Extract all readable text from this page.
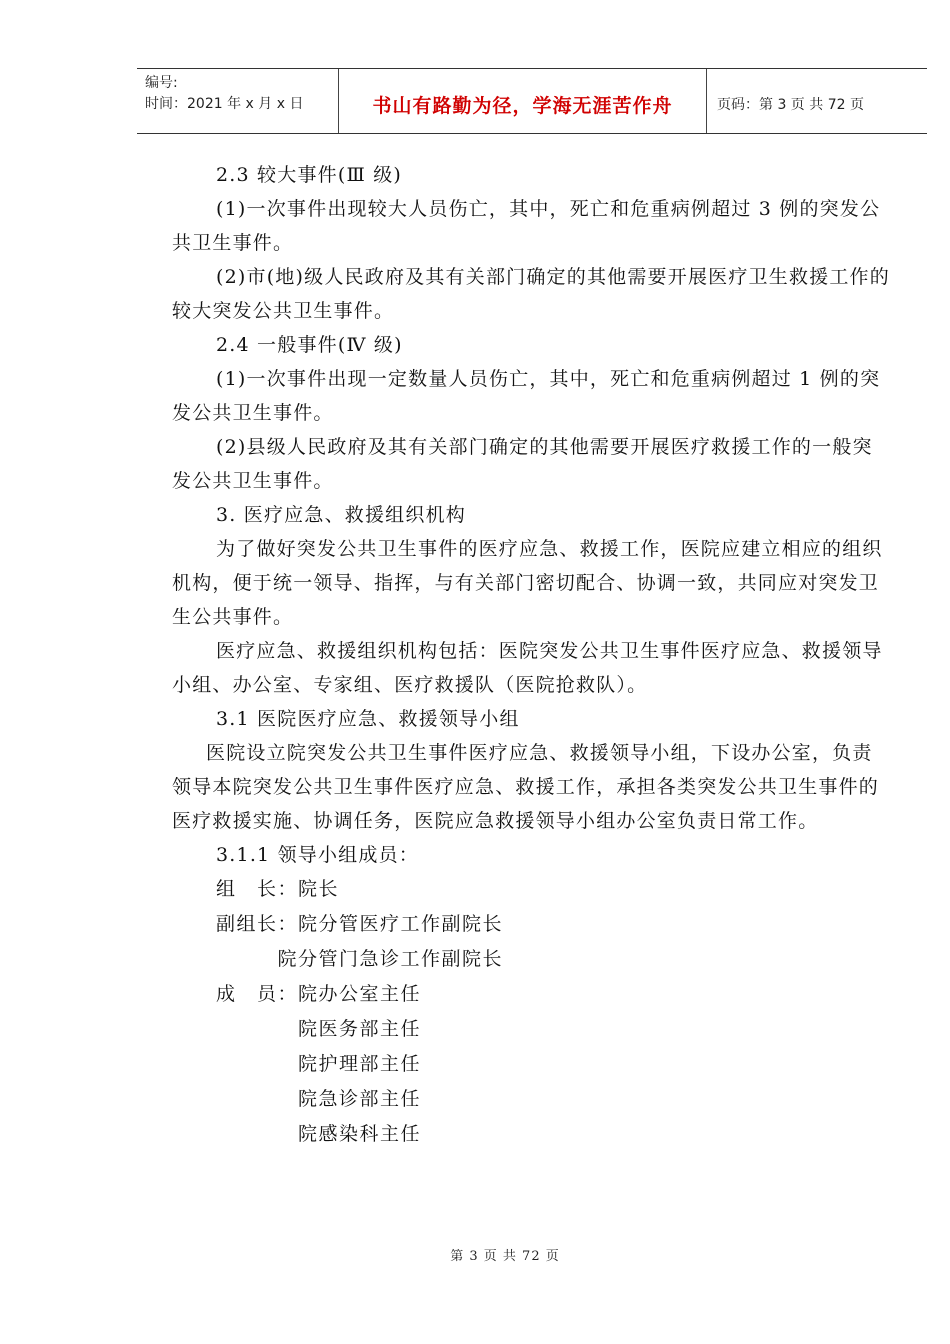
编号:
时间：2021 年 x 月 x 日	书山有路勤为径，学海无涯苦作舟	页码：第 3 页 共 72 页

2.3 较大事件(Ⅲ 级)

(1)一次事件出现较大人员伤亡，其中，死亡和危重病例超过 3 例的突发公共卫生事件。

(2)市(地)级人民政府及其有关部门确定的其他需要开展医疗卫生救援工作的较大突发公共卫生事件。

2.4 一般事件(Ⅳ 级)

(1)一次事件出现一定数量人员伤亡，其中，死亡和危重病例超过 1 例的突发公共卫生事件。

(2)县级人民政府及其有关部门确定的其他需要开展医疗救援工作的一般突发公共卫生事件。

3. 医疗应急、救援组织机构

为了做好突发公共卫生事件的医疗应急、救援工作，医院应建立相应的组织机构，便于统一领导、指挥，与有关部门密切配合、协调一致，共同应对突发卫生公共事件。

医疗应急、救援组织机构包括：医院突发公共卫生事件医疗应急、救援领导小组、办公室、专家组、医疗救援队（医院抢救队）。

3.1 医院医疗应急、救援领导小组

医院设立院突发公共卫生事件医疗应急、救援领导小组，下设办公室，负责领导本院突发公共卫生事件医疗应急、救援工作，承担各类突发公共卫生事件的医疗救援实施、协调任务，医院应急救援领导小组办公室负责日常工作。

3.1.1 领导小组成员：

组　长：院长

副组长：院分管医疗工作副院长

　　　院分管门急诊工作副院长

成　员：院办公室主任

　　　　院医务部主任

　　　　院护理部主任

　　　　院急诊部主任

　　　　院感染科主任

第 3 页 共 72 页
